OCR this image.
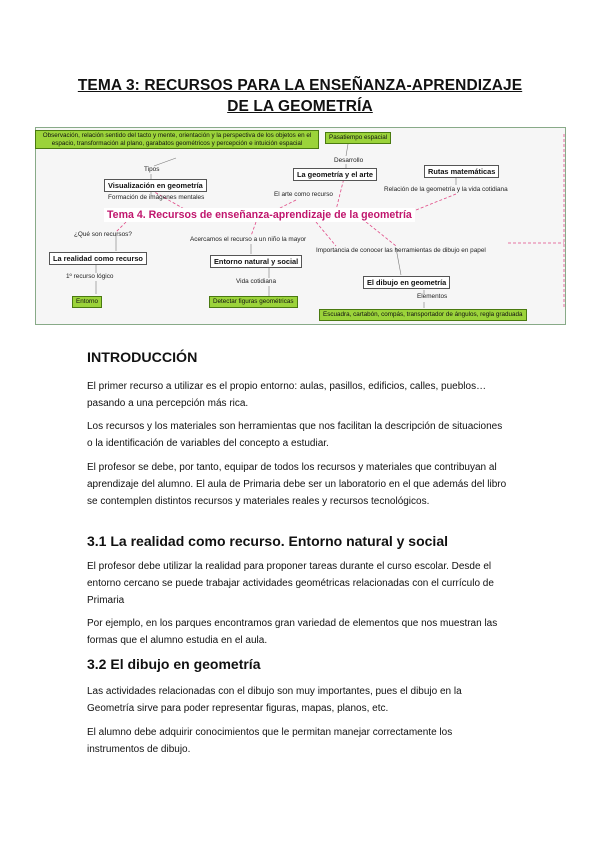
TEMA 3: RECURSOS PARA LA ENSEÑANZA-APRENDIZAJE
DE LA GEOMETRÍA
Observación, relación sentido del tacto y mente, orientación y la perspectiva de los objetos en el espacio, transformación al plano, garabatos geométricos y percepción e intuición espacial
Tipos
Visualización en geometría
Formación de imágenes mentales
Pasatiempo espacial
Desarrollo
La geometría y el arte
El arte como recurso
Rutas matemáticas
Relación de la geometría y la vida cotidiana
Tema 4. Recursos de enseñanza-aprendizaje de la geometría
¿Qué son recursos?
Acercamos el recurso a un niño la mayor
Importancia de conocer las herramientas de dibujo en papel
La realidad como recurso	Entorno natural y social
El dibujo en geometría
1º recurso lógico
Vida cotidiana
Elementos
Entorno	Detectar figuras geométricas
Escuadra, cartabón, compás, transportador de ángulos, regla graduada
INTRODUCCIÓN
El primer recurso a utilizar es el propio entorno: aulas, pasillos, edificios, calles, pueblos…pasando a una percepción más rica.
Los recursos y los materiales son herramientas que nos facilitan la descripción de situaciones o la identificación de variables del concepto a estudiar.
El profesor se debe, por tanto, equipar de todos los recursos y materiales que contribuyan al aprendizaje del alumno. El aula de Primaria debe ser un laboratorio en el que además del libro se contemplen distintos recursos y materiales reales y recursos tecnológicos.
3.1 La realidad como recurso. Entorno natural y social
El profesor debe utilizar la realidad para proponer tareas durante el curso escolar. Desde el entorno cercano se puede trabajar actividades geométricas relacionadas con el currículo de Primaria
Por ejemplo, en los parques encontramos gran variedad de elementos que nos muestran las formas que el alumno estudia en el aula.
3.2 El dibujo en geometría
Las actividades relacionadas con el dibujo son muy importantes, pues el dibujo en la Geometría sirve para poder representar figuras, mapas, planos, etc.
El alumno debe adquirir conocimientos que le permitan manejar correctamente los instrumentos de dibujo.
